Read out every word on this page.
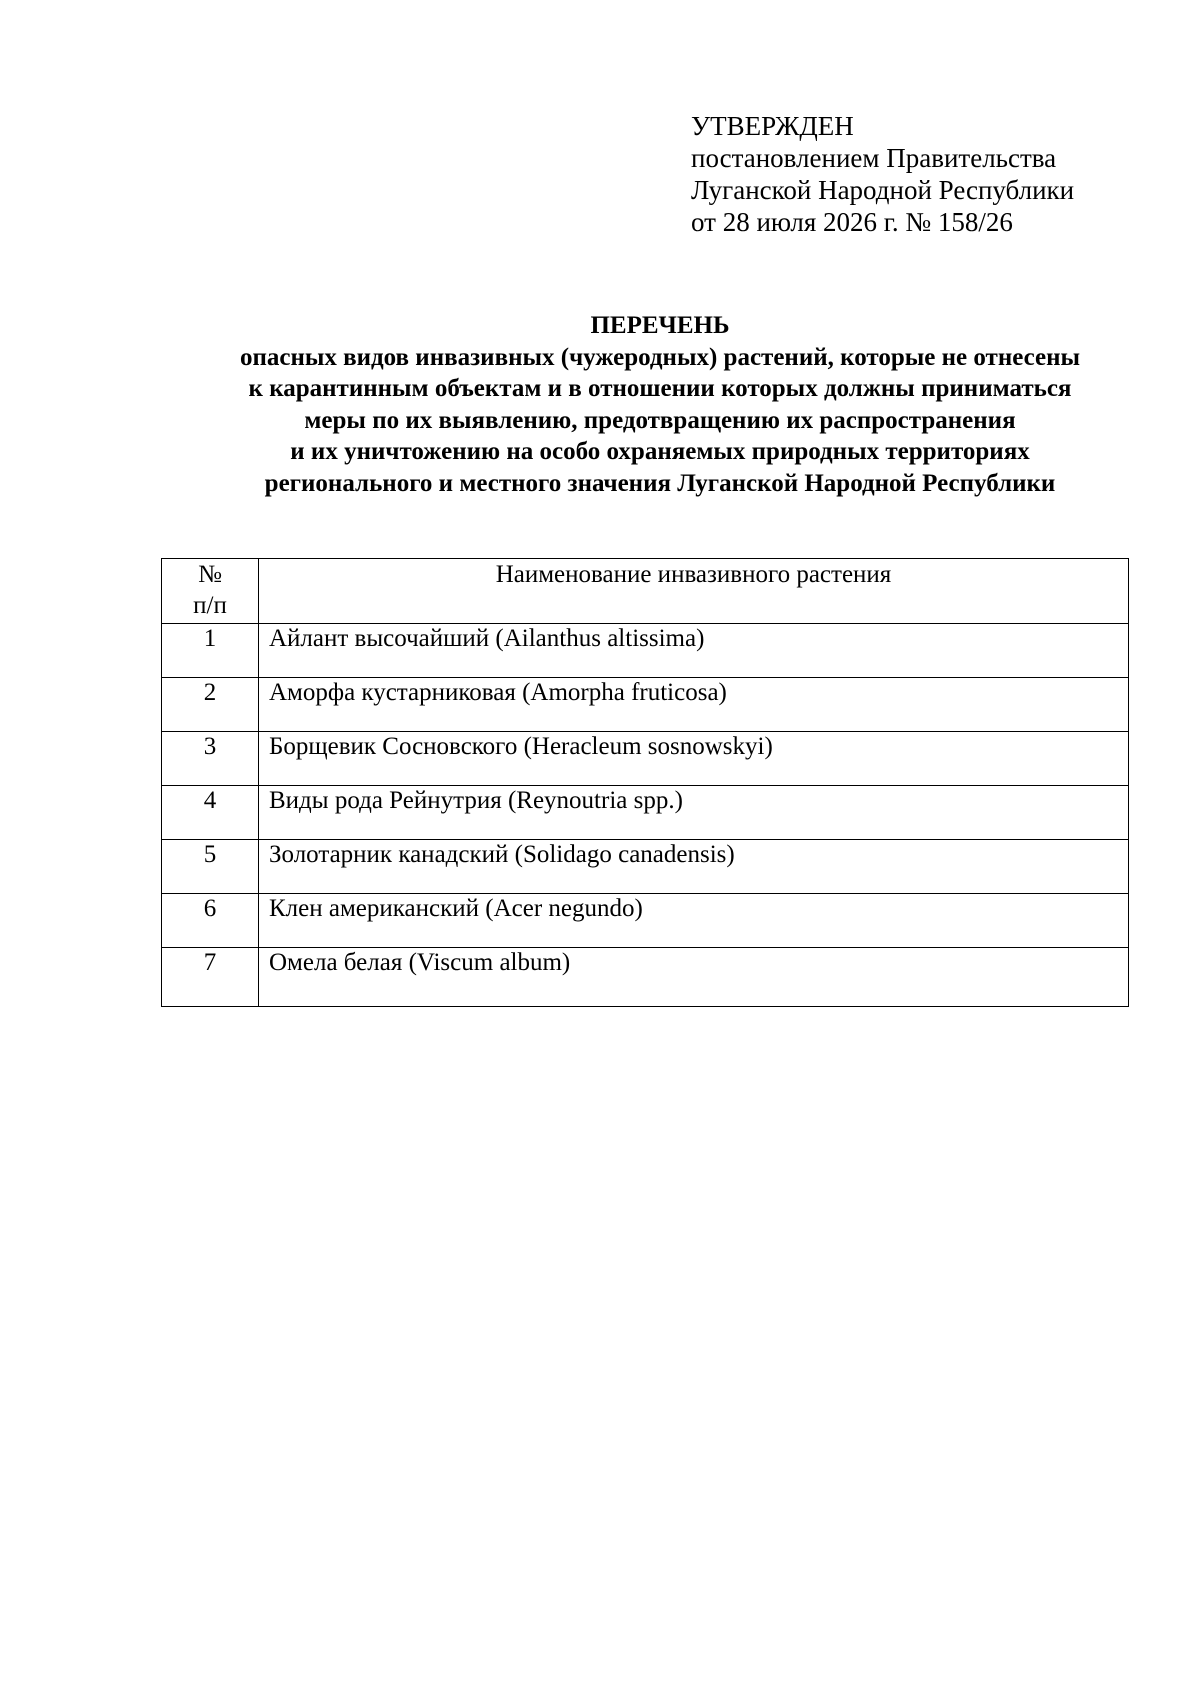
УТВЕРЖДЕН
постановлением Правительства
Луганской Народной Республики
от 28 июля 2026 г. № 158/26
ПЕРЕЧЕНЬ
опасных видов инвазивных (чужеродных) растений, которые не отнесены
к карантинным объектам и в отношении которых должны приниматься
меры по их выявлению, предотвращению их распространения
и их уничтожению на особо охраняемых природных территориях
регионального и местного значения Луганской Народной Республики
№
п/п	Наименование инвазивного растения
1	Айлант высочайший (Ailanthus altissima)
2	Аморфа кустарниковая (Amorpha fruticosa)
3	Борщевик Сосновского (Heracleum sosnowskyi)
4	Виды рода Рейнутрия (Reynoutria spp.)
5	Золотарник канадский (Solidago canadensis)
6	Клен американский (Acer negundo)
7	Омела белая (Viscum album)
